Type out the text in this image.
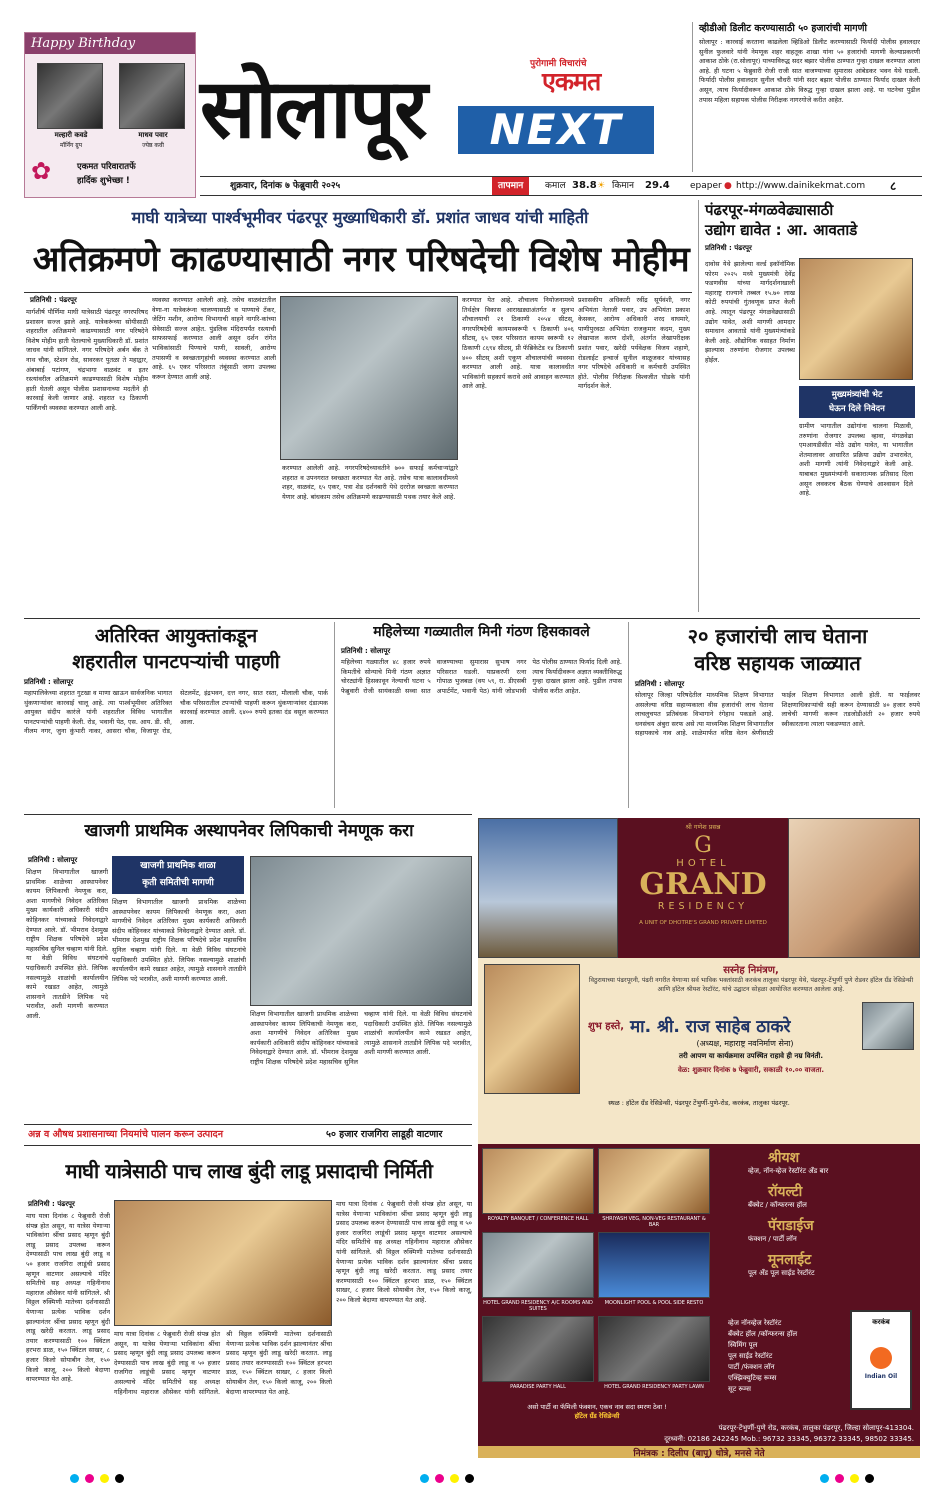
Happy Birthday
मल्हारी कवडे
मॉर्निंग ग्रुप
माधव पवार
ज्येष्ठ कवी
✿	एकमत परिवारातर्फे
हार्दिक शुभेच्छा !
सोलापूर	पुरोगामी विचारांचे
एकमत
NEXT
शुक्रवार, दिनांक ७ फेब्रुवारी २०२५	तापमान	कमाल 38.8 ☀ किमान 29.4 epaper ● http://www.dainikekmat.com ८
व्हीडीओ डिलीट करण्यासाठी ५० हजारांची मागणी
सोलापूर : कारवाई करताना काढलेला व्हिडिओ डिलीट करण्यासाठी फिर्यादी पोलीस हवालदार सुनील फुलवारे यांनी नेमणूक शहर वाहतूक शाखा यांना ५० हजारांची मागणी केल्याप्रकरणी आकाश ठोके (रा.सोलापूर) याच्याविरुद्ध सदर बझार पोलीस ठाण्यात गुन्हा दाखल करण्यात आला आहे. ही घटना ५ फेब्रुवारी रोजी राजी सात वाजण्याच्या सुमारास आंबेडकर भवन येथे घडली. फिर्यादी पोलीस हवालदार सुनील चौधरी यांनी सदर बझार पोलीस ठाण्यात फिर्याद दाखल केली असून, त्याच फिर्यादीवरून आकाश ठोके विरुद्ध गुन्हा दाखल झाला आहे. या घटनेचा पुढील तपास महिला सहायक पोलीस निरीक्षक नागरगोजे करीत आहेत.
माघी यात्रेच्या पार्श्वभूमीवर पंढरपूर मुख्याधिकारी डॉ. प्रशांत जाधव यांची माहिती
अतिक्रमणे काढण्यासाठी नगर परिषदेची विशेष मोहीम
प्रतिनिधी : पंढरपूर
मार्गशीर्ष पौर्णिमा माघी यात्रेसाठी पंढरपूर नगरपरिषद प्रशासन सज्ज झाले आहे. यात्रेकरूंच्या सोयीसाठी शहरातील अतिक्रमणे काढण्यासाठी नगर परिषदेने विशेष मोहीम हाती घेतल्याचे मुख्याधिकारी डॉ. प्रशांत जाधव यांनी सांगितले. नगर परिषदेने अर्बन बँक ते नाथ चौक, स्टेशन रोड, सावरकर पुतळा ते महाद्वार, अंबाबाई पटांगण, चंद्रभागा वाळवंट व इतर रस्त्यांवरील अतिक्रमणे काढण्यासाठी विशेष मोहीम हाती घेतली असून पोलीस प्रशासनाच्या मदतीने ही कारवाई केली जाणार आहे. शहरात १३ ठिकाणी पार्किंगची व्यवस्था करण्यात आली आहे.
व्यवस्था करण्यात आलेली आहे. तसेच वाळवंटातील वेणा-ना यात्रेकरूंना चालण्यासाठी व पाण्याचे टँकर, जेटिंग मशीन, आरोग्य विभागाची वाहने नागरि-कांच्या सेवेसाठी सज्ज आहेत. पुंडलिक मंदिरापर्यंत रस्त्याची साफसफाई करण्यात आली असून दर्शन रांगेत भाविकांसाठी पिण्याचे पाणी, सावली, आरोग्य तपासणी व स्वच्छतागृहांची व्यवस्था करण्यात आली आहे. ६५ एकर परिसरात तंबूंसाठी जागा उपलब्ध करून देण्यात आली आहे.
करण्यात आलेली आहे. नगरपरिषदेच्यावतीने ७०० सफाई कर्मचाऱ्यांद्वारे शहरात व उपनगरात स्वच्छता करण्यात येत आहे. तसेच यात्रा कालावधीमध्ये शहर, वाळवंट, ६५ एकर, पत्रा शेड दर्शनबारी येथे दररोज स्वच्छता करण्यात येणार आहे. बांधकाम तसेच अतिक्रमणे काढण्यासाठी पथक तयार केले आहे.
करण्यात येत आहे. शौचालय नियोजनामध्ये तिर्थक्षेत्र विकास आराखड्याअंतर्गत व सुलभ शौचालयाची २१ ठिकाणी २०५४ सीटस्, नगरपरिषदेची कायमस्वरूपी ९ ठिकाणी ४०६ सीटस्, ६५ एकर परिसरात कायम स्वरूपी १२ ठिकाणी ८६९४ सीटस्, प्री फॅब्रिकेटेड १४ ठिकाणी ४०० सीटस् अशी एकूण शौचालयांची व्यवस्था करण्यात आली आहे. यात्रा कालावधीत भाविकांनी सहकार्य करावे असे आवाहन करण्यात आले आहे.
प्रशासकीय अधिकारी रवींद्र सूर्यवंशी, नगर अभियंता नेताजी पवार, उप अभियंता प्रकाश केसकर, आरोग्य अधिकारी शरद वाघमारे, पाणीपुरवठा अभियंता राजकुमार कदम, मुख्य लेखापाल करण दोशी, अंतर्गत लेखापरीक्षक प्रशांत पवार, खरेदी पर्यवेक्षक विजय शहाणे, रोडलाईट इन्चार्ज सुनील वाळूजकर यांच्यासह नगर परिषदेचे अधिकारी व कर्मचारी उपस्थित होते. पोलीस निरीक्षक विश्वजीत घोडके यांनी मार्गदर्शन केले.
पंढरपूर-मंगळवेढ्यासाठी
उद्योग द्यावेत : आ. आवताडे
प्रतिनिधी : पंढरपूर
दावोस येथे झालेल्या वर्ल्ड इकॉनॉमिक फोरम २०२५ मध्ये मुख्यमंत्री देवेंद्र फडणवीस यांच्या मार्गदर्शनाखाली महाराष्ट्र राज्याने तब्बल १५.७० लाख कोटी रुपयांची गुंतवणूक प्राप्त केली आहे. त्यातून पंढरपूर मंगळवेढ्यासाठी उद्योग यावेत, अशी मागणी आमदार समाधान आवताडे यांनी मुख्यमंत्र्यांकडे केली आहे. औद्योगिक वसाहत निर्माण झाल्यास तरुणांना रोजगार उपलब्ध होईल.
मुख्यमंत्र्यांची भेट
घेऊन दिले निवेदन
ग्रामीण भागातील उद्योगांना चालना मिळावी, तरुणांना रोजगार उपलब्ध व्हावा, मंगळवेढा एमआयडीसीत मोठे उद्योग यावेत, या भागातील शेतमालावर आधारित प्रक्रिया उद्योग उभारावेत, अशी मागणी त्यांनी निवेदनाद्वारे केली आहे. याबाबत मुख्यमंत्र्यांनी सकारात्मक प्रतिसाद दिला असून लवकरच बैठक घेण्याचे आश्वासन दिले आहे.
अतिरिक्त आयुक्तांकडून
शहरातील पानटपऱ्यांची पाहणी
प्रतिनिधी : सोलापूर
महापालिकेच्या शहरात गुटखा व माणा खाऊन सार्वजनिक भागात थुंकणाऱ्यांवर कारवाई चालू आहे. त्या पार्श्वभूमीवर अतिरिक्त आयुक्त संदीप कारंजे यांनी शहरातील विविध भागातील पानटपऱ्यांची पाहणी केली. रोड, भवानी पेठ, एस. आय. डी. सी, नीलम नगर, जुना कुंभारी नाका, आसरा चौक, विजापूर रोड, सेटलमेंट, इंद्रभवन, दत्त नगर, सात रस्ता, मौलाली चौक, पार्क चौक परिसरातील टपऱ्यांची पाहणी करून थुंकणाऱ्यांवर दंडात्मक कारवाई करण्यात आली. ६४०० रुपये इतका दंड वसूल करण्यात आला.
महिलेच्या गळ्यातील मिनी गंठण हिसकावले
प्रतिनिधी : सोलापूर
महिलेच्या गळ्यातील ४८ हजार रुपये किमतीचे सोन्याचे मिनी गंठण अज्ञात चोरट्यांनी हिसकावून नेल्याची घटना ५ फेब्रुवारी रोजी सायंकाळी सव्वा सात वाजण्याच्या सुमारास सुभाष नगर परिसरात घडली. याप्रकरणी रत्ना गोपाळ भुजबळ (वय ५९, रा. डीएसबी अपार्टमेंट, भवानी पेठ) यांनी जोडभावी पेठ पोलीस ठाण्यात फिर्याद दिली आहे. त्याच फिर्यादीवरून अज्ञात व्यक्तीविरुद्ध गुन्हा दाखल झाला आहे. पुढील तपास पोलीस करीत आहेत.
२० हजारांची लाच घेताना
वरिष्ठ सहायक जाळ्यात
प्रतिनिधी : सोलापूर
सोलापूर जिल्हा परिषदेतील माध्यमिक शिक्षण विभागात असलेल्या वरिष्ठ सहाय्यकाला वीस हजारांची लाच घेताना लाचलुचपत प्रतिबंधक विभागाने रंगेहाथ पकडले आहे. धनसंचय अंबुरा सरफ असे त्या माध्यमिक शिक्षण विभागातील सहायकाचे नाव आहे. शाळेमार्फत वरिष्ठ वेतन श्रेणीसाठी फाईल शिक्षण विभागात आली होती. या फाईलवर शिक्षणाधिकाऱ्यांची सही करून देण्यासाठी ४० हजार रुपये लाचेची मागणी करून तडजोडीअंती २० हजार रुपये स्वीकारताना त्याला पकडण्यात आले.
खाजगी प्राथमिक अस्थापनेवर लिपिकाची नेमणूक करा
प्रतिनिधी : सोलापूर
खाजगी प्राथमिक शाळा
कृती समितीची मागणी
शिक्षण विभागातील खाजगी प्राथमिक शाळेच्या आस्थापनेवर कायम लिपिकाची नेमणूक करा, अशा मागणीचे निवेदन अतिरिक्त मुख्य कार्यकारी अधिकारी संदीप कोहिनकर यांच्याकडे निवेदनाद्वारे देण्यात आले. डॉ. भीमराव देशमुख राष्ट्रीय शिक्षक परिषदेचे प्रदेश महासचिव सुनिल चव्हाण यांनी दिले. या वेळी विविध संघटनांचे पदाधिकारी उपस्थित होते. लिपिक नसल्यामुळे शाळांची कार्यालयीन कामे रखडत आहेत, त्यामुळे शासनाने तातडीने लिपिक पदे भरावीत, अशी मागणी करण्यात आली.
शिक्षण विभागातील खाजगी प्राथमिक शाळेच्या आस्थापनेवर कायम लिपिकाची नेमणूक करा, अशा मागणीचे निवेदन अतिरिक्त मुख्य कार्यकारी अधिकारी संदीप कोहिनकर यांच्याकडे निवेदनाद्वारे देण्यात आले. डॉ. भीमराव देशमुख राष्ट्रीय शिक्षक परिषदेचे प्रदेश महासचिव सुनिल चव्हाण यांनी दिले. या वेळी विविध संघटनांचे पदाधिकारी उपस्थित होते. लिपिक नसल्यामुळे शाळांची कार्यालयीन कामे रखडत आहेत, त्यामुळे शासनाने तातडीने लिपिक पदे भरावीत, अशी मागणी करण्यात आली.
शिक्षण विभागातील खाजगी प्राथमिक शाळेच्या आस्थापनेवर कायम लिपिकाची नेमणूक करा, अशा मागणीचे निवेदन अतिरिक्त मुख्य कार्यकारी अधिकारी संदीप कोहिनकर यांच्याकडे निवेदनाद्वारे देण्यात आले. डॉ. भीमराव देशमुख राष्ट्रीय शिक्षक परिषदेचे प्रदेश महासचिव सुनिल चव्हाण यांनी दिले. या वेळी विविध संघटनांचे पदाधिकारी उपस्थित होते. लिपिक नसल्यामुळे शाळांची कार्यालयीन कामे रखडत आहेत, त्यामुळे शासनाने तातडीने लिपिक पदे भरावीत, अशी मागणी करण्यात आली.
अन्न व औषध प्रशासनाच्या नियमांचे पालन करून उत्पादन	५० हजार राजगिरा लाडूही वाटणार
माघी यात्रेसाठी पाच लाख बुंदी लाडू प्रसादाची निर्मिती
प्रतिनिधी : पंढरपूर
माघ यात्रा दिनांक ८ फेब्रुवारी रोजी संपन्न होत असून, या यात्रेस येणाऱ्या भाविकांना श्रींचा प्रसाद म्हणून बुंदी लाडू प्रसाद उपलब्ध करून देण्यासाठी पाच लाख बुंदी लाडू व ५० हजार राजगिरा लाडूंची प्रसाद म्हणून वाटणार असल्याचे मंदिर समितीचे सह अध्यक्ष गहिनीनाथ महाराज औसेकर यांनी सांगितले. श्री विठ्ठल रुक्मिणी मातेच्या दर्शनासाठी येणाऱ्या प्रत्येक भाविक दर्शन झाल्यानंतर श्रींचा प्रसाद म्हणून बुंदी लाडू खरेदी करतात. लाडू प्रसाद तयार करण्यासाठी १०० क्विंटल हरभरा डाळ, १५० क्विंटल साखर, ८ हजार किलो सोयाबीन तेल, १५० किलो काजू, २०० किलो बेदाणा वापरण्यात येत आहे.
माघ यात्रा दिनांक ८ फेब्रुवारी रोजी संपन्न होत असून, या यात्रेस येणाऱ्या भाविकांना श्रींचा प्रसाद म्हणून बुंदी लाडू प्रसाद उपलब्ध करून देण्यासाठी पाच लाख बुंदी लाडू व ५० हजार राजगिरा लाडूंची प्रसाद म्हणून वाटणार असल्याचे मंदिर समितीचे सह अध्यक्ष गहिनीनाथ महाराज औसेकर यांनी सांगितले. श्री विठ्ठल रुक्मिणी मातेच्या दर्शनासाठी येणाऱ्या प्रत्येक भाविक दर्शन झाल्यानंतर श्रींचा प्रसाद म्हणून बुंदी लाडू खरेदी करतात. लाडू प्रसाद तयार करण्यासाठी १०० क्विंटल हरभरा डाळ, १५० क्विंटल साखर, ८ हजार किलो सोयाबीन तेल, १५० किलो काजू, २०० किलो बेदाणा वापरण्यात येत आहे.
माघ यात्रा दिनांक ८ फेब्रुवारी रोजी संपन्न होत असून, या यात्रेस येणाऱ्या भाविकांना श्रींचा प्रसाद म्हणून बुंदी लाडू प्रसाद उपलब्ध करून देण्यासाठी पाच लाख बुंदी लाडू व ५० हजार राजगिरा लाडूंची प्रसाद म्हणून वाटणार असल्याचे मंदिर समितीचे सह अध्यक्ष गहिनीनाथ महाराज औसेकर यांनी सांगितले. श्री विठ्ठल रुक्मिणी मातेच्या दर्शनासाठी येणाऱ्या प्रत्येक भाविक दर्शन झाल्यानंतर श्रींचा प्रसाद म्हणून बुंदी लाडू खरेदी करतात. लाडू प्रसाद तयार करण्यासाठी १०० क्विंटल हरभरा डाळ, १५० क्विंटल साखर, ८ हजार किलो सोयाबीन तेल, १५० किलो काजू, २०० किलो बेदाणा वापरण्यात येत आहे.
श्री गणेश प्रसन्न
G
HOTEL
GRAND
RESIDENCY
A UNIT OF DHOTRE'S GRAND PRIVATE LIMITED
सस्नेह निमंत्रण,
विठुरायाच्या पंढरपूरनी, पंढरी नगरीत येणाऱ्या सर्व भाविक भक्तांसाठी करकंब तालुका पंढरपूर येथे, पंढरपूर-टेंभुर्णी पुणे रोडवर हॉटेल ग्रँड रेसिडेन्सी आणि हॉटेल श्रीयश रेस्टॉरंट, यांचे उद्घाटन सोहळा आयोजित करण्यात आलेला आहे.
शुभ हस्ते, मा. श्री. राज साहेब ठाकरे
(अध्यक्ष, महाराष्ट्र नवनिर्माण सेना)
तरी आपण या कार्यक्रमास उपस्थित राहावे ही नम्र विनंती.
वेळ: शुक्रवार दिनांक ७ फेब्रुवारी, सकाळी १०.०० वाजता.
स्थळ : हॉटेल ग्रँड रेसिडेन्सी, पंढरपूर टेंभुर्णी-पुणे-रोड, करकंब, तालुका पंढरपूर.
ROYALTY BANQUET / CONFERENCE HALL	SHRIYASH VEG, NON-VEG RESTAURANT & BAR
HOTEL GRAND RESIDENCY A/C ROOMS AND SUITES
MOONLIGHT POOL & POOL SIDE RESTO
PARADISE PARTY HALL	HOTEL GRAND RESIDENCY PARTY LAWN
श्रीयश
व्हेज, नॉन-व्हेज रेस्टॉरंट अँड बार
रॉयल्टी
बँक्वेट / कॉन्फरन्स हॉल
पॅराडाईज
फंक्शन / पार्टी लॉन
मूनलाईट
पूल अँड पूल साईड रेस्टॉरंट
व्हेज नॉनव्हेज रेस्टॉरंट
बँक्वेट हॉल /कॉन्फरन्स हॉल
स्विमिंग पूल
पूल साईड रेस्टॉरंट
पार्टी /फंक्शन लॉन
एक्झिक्युटिव्ह रूम्स
सूट रूम्स
करकंब
Indian Oil
असो पार्टी वा फॅमिली फंक्शन, एकच नाव सदा स्मरण ठेवा !
हॉटेल ग्रँड रेसिडेन्सी
पंढरपूर-टेंभुर्णी-पुणे रोड, करकंब, तालुका पंढरपूर, जिल्हा सोलापूर-413304.
दूरध्वनी: 02186 242245 Mob.: 96732 33345, 96372 33345, 98502 33345.
निमंत्रक : दिलीप (बापू) धोत्रे, मनसे नेते
